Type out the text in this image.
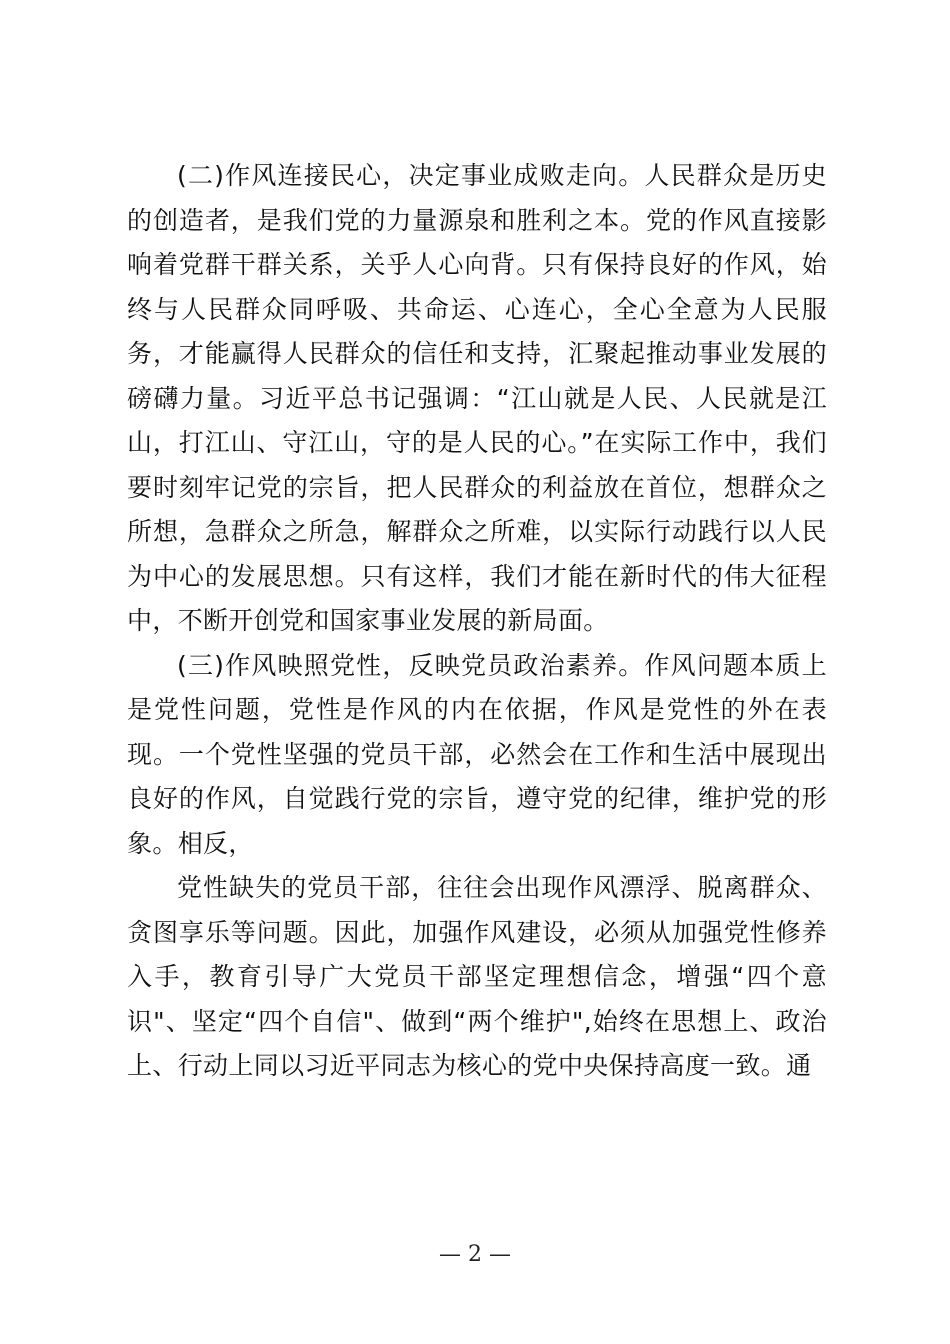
(二)作风连接民心，决定事业成败走向。人民群众是历史的创造者，是我们党的力量源泉和胜利之本。党的作风直接影响着党群干群关系，关乎人心向背。只有保持良好的作风，始终与人民群众同呼吸、共命运、心连心，全心全意为人民服务，才能赢得人民群众的信任和支持，汇聚起推动事业发展的磅礴力量。习近平总书记强调：“江山就是人民、人民就是江山，打江山、守江山，守的是人民的心。”在实际工作中，我们要时刻牢记党的宗旨，把人民群众的利益放在首位，想群众之所想，急群众之所急，解群众之所难，以实际行动践行以人民为中心的发展思想。只有这样，我们才能在新时代的伟大征程中，不断开创党和国家事业发展的新局面。

(三)作风映照党性，反映党员政治素养。作风问题本质上是党性问题，党性是作风的内在依据，作风是党性的外在表现。一个党性坚强的党员干部，必然会在工作和生活中展现出良好的作风，自觉践行党的宗旨，遵守党的纪律，维护党的形象。相反，

党性缺失的党员干部，往往会出现作风漂浮、脱离群众、贪图享乐等问题。因此，加强作风建设，必须从加强党性修养入手，教育引导广大党员干部坚定理想信念，增强“四个意识"、坚定“四个自信"、做到“两个维护",始终在思想上、政治上、行动上同以习近平同志为核心的党中央保持高度一致。通

— 2 —
